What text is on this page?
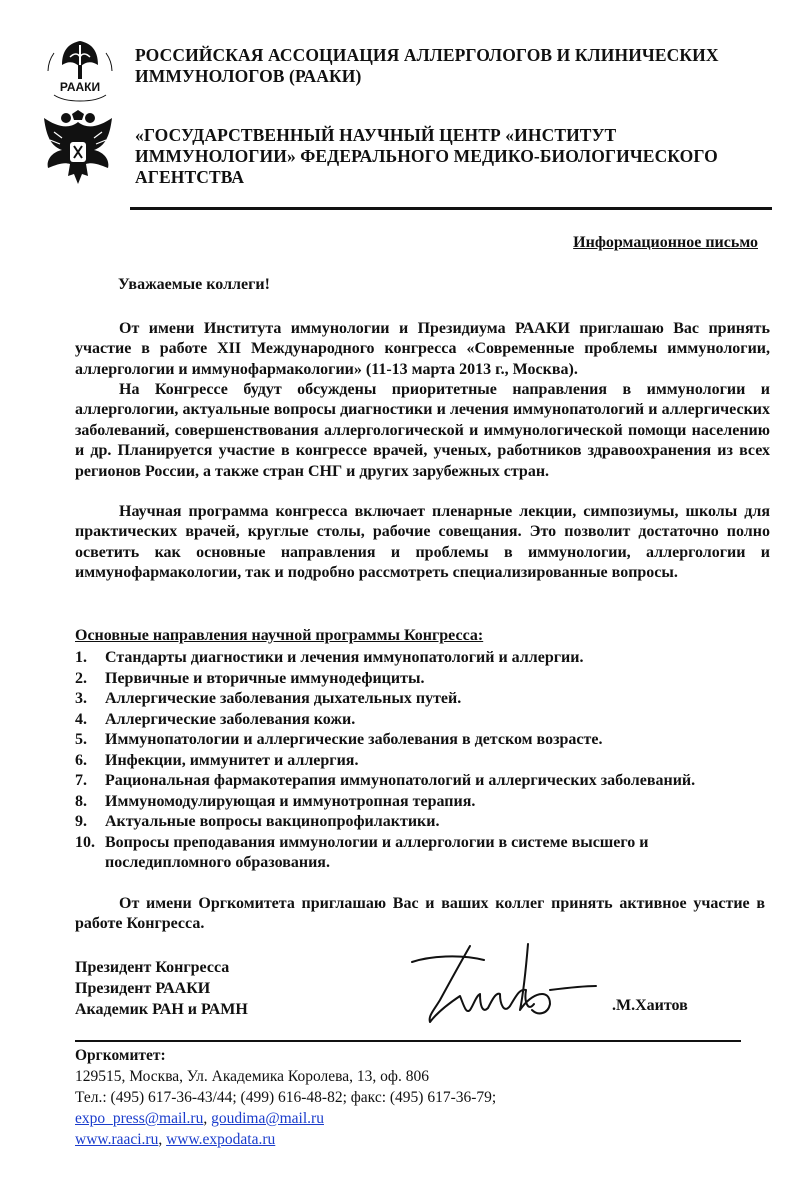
РААКИ
РОССИЙСКАЯ АССОЦИАЦИЯ АЛЛЕРГОЛОГОВ И КЛИНИЧЕСКИХ ИММУНОЛОГОВ (РААКИ)
«ГОСУДАРСТВЕННЫЙ НАУЧНЫЙ ЦЕНТР «ИНСТИТУТ ИММУНОЛОГИИ» ФЕДЕРАЛЬНОГО МЕДИКО-БИОЛОГИЧЕСКОГО АГЕНТСТВА
Информационное письмо
Уважаемые коллеги!

От имени Института иммунологии и Президиума РААКИ приглашаю Вас принять участие в работе XII Международного конгресса «Современные проблемы иммунологии, аллергологии и иммунофармакологии» (11-13 марта 2013 г., Москва).

На Конгрессе будут обсуждены приоритетные направления в иммунологии и аллергологии, актуальные вопросы диагностики и лечения иммунопатологий и аллергических заболеваний, совершенствования аллергологической и иммунологической помощи населению и др. Планируется участие в конгрессе врачей, ученых, работников здравоохранения из всех регионов России, а также стран СНГ и других зарубежных стран.

Научная программа конгресса включает пленарные лекции, симпозиумы, школы для практических врачей, круглые столы, рабочие совещания. Это позволит достаточно полно осветить как основные направления и проблемы в иммунологии, аллергологии и иммунофармакологии, так и подробно рассмотреть специализированные вопросы.

Основные направления научной программы Конгресса:
1.	Стандарты диагностики и лечения иммунопатологий и аллергии.
2.	Первичные и вторичные иммунодефициты.
3.	Аллергические заболевания дыхательных путей.
4.	Аллергические заболевания кожи.
5.	Иммунопатологии и аллергические заболевания в детском возрасте.
6.	Инфекции, иммунитет и аллергия.
7.	Рациональная фармакотерапия иммунопатологий и аллергических заболеваний.
8.	Иммуномодулирующая и иммунотропная терапия.
9.	Актуальные вопросы вакцинопрофилактики.
10. Вопросы преподавания иммунологии и аллергологии в системе высшего и последипломного образования.

От имени Оргкомитета приглашаю Вас и ваших коллег принять активное участие в работе Конгресса.

Президент Конгресса
Президент РААКИ
Академик РАН и РАМН	.М.Хаитов
Оргкомитет:
129515, Москва, Ул. Академика Королева, 13, оф. 806
Тел.: (495) 617-36-43/44; (499) 616-48-82; факс: (495) 617-36-79;
expo_press@mail.ru, goudima@mail.ru
www.raaci.ru, www.expodata.ru
